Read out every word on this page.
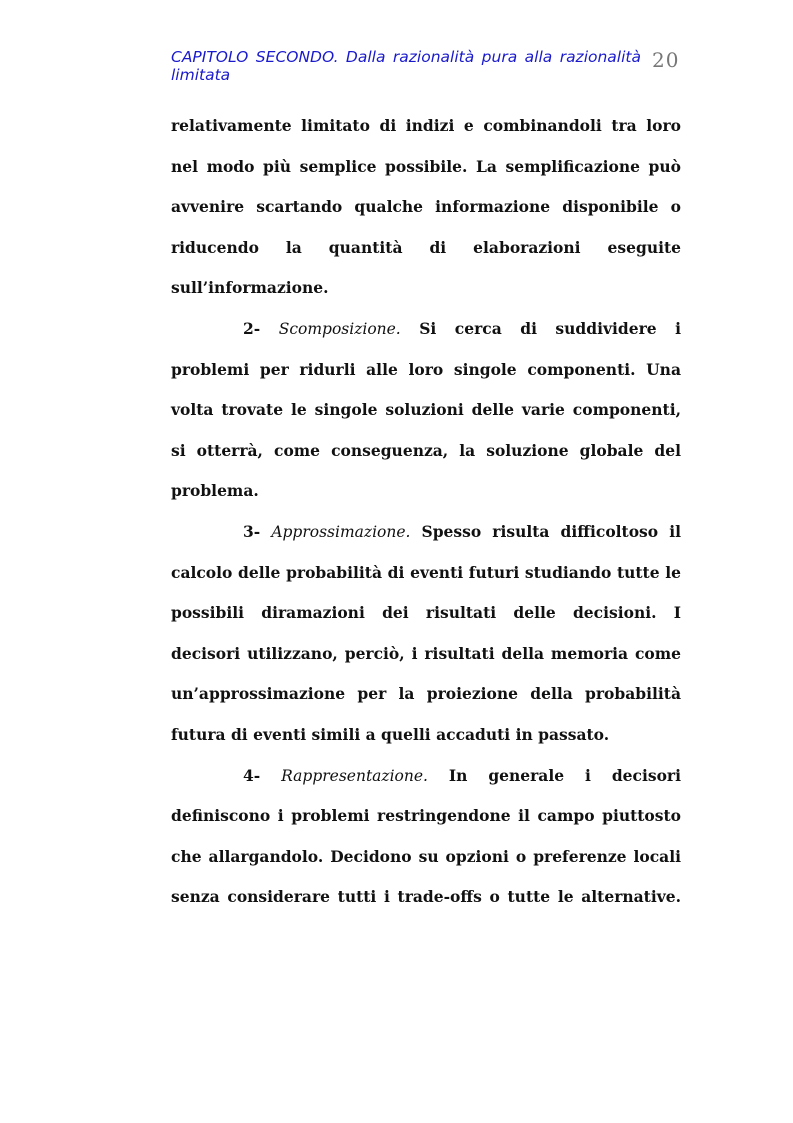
CAPITOLO SECONDO. Dalla razionalità pura alla razionalità limitata
20

relativamente limitato di indizi e combinandoli tra loro nel modo più semplice possibile. La semplificazione può avvenire scartando qualche informazione disponibile o riducendo la quantità di elaborazioni eseguite sull’informazione.

2- Scomposizione. Si cerca di suddividere i problemi per ridurli alle loro singole componenti. Una volta trovate le singole soluzioni delle varie componenti, si otterrà, come conseguenza, la soluzione globale del problema.

3- Approssimazione. Spesso risulta difficoltoso il calcolo delle probabilità di eventi futuri studiando tutte le possibili diramazioni dei risultati delle decisioni. I decisori utilizzano, perciò, i risultati della memoria come un’approssimazione per la proiezione della probabilità futura di eventi simili a quelli accaduti in passato.

4- Rappresentazione. In generale i decisori definiscono i problemi restringendone il campo piuttosto che allargandolo. Decidono su opzioni o preferenze locali senza considerare tutti i trade-offs o tutte le alternative.
